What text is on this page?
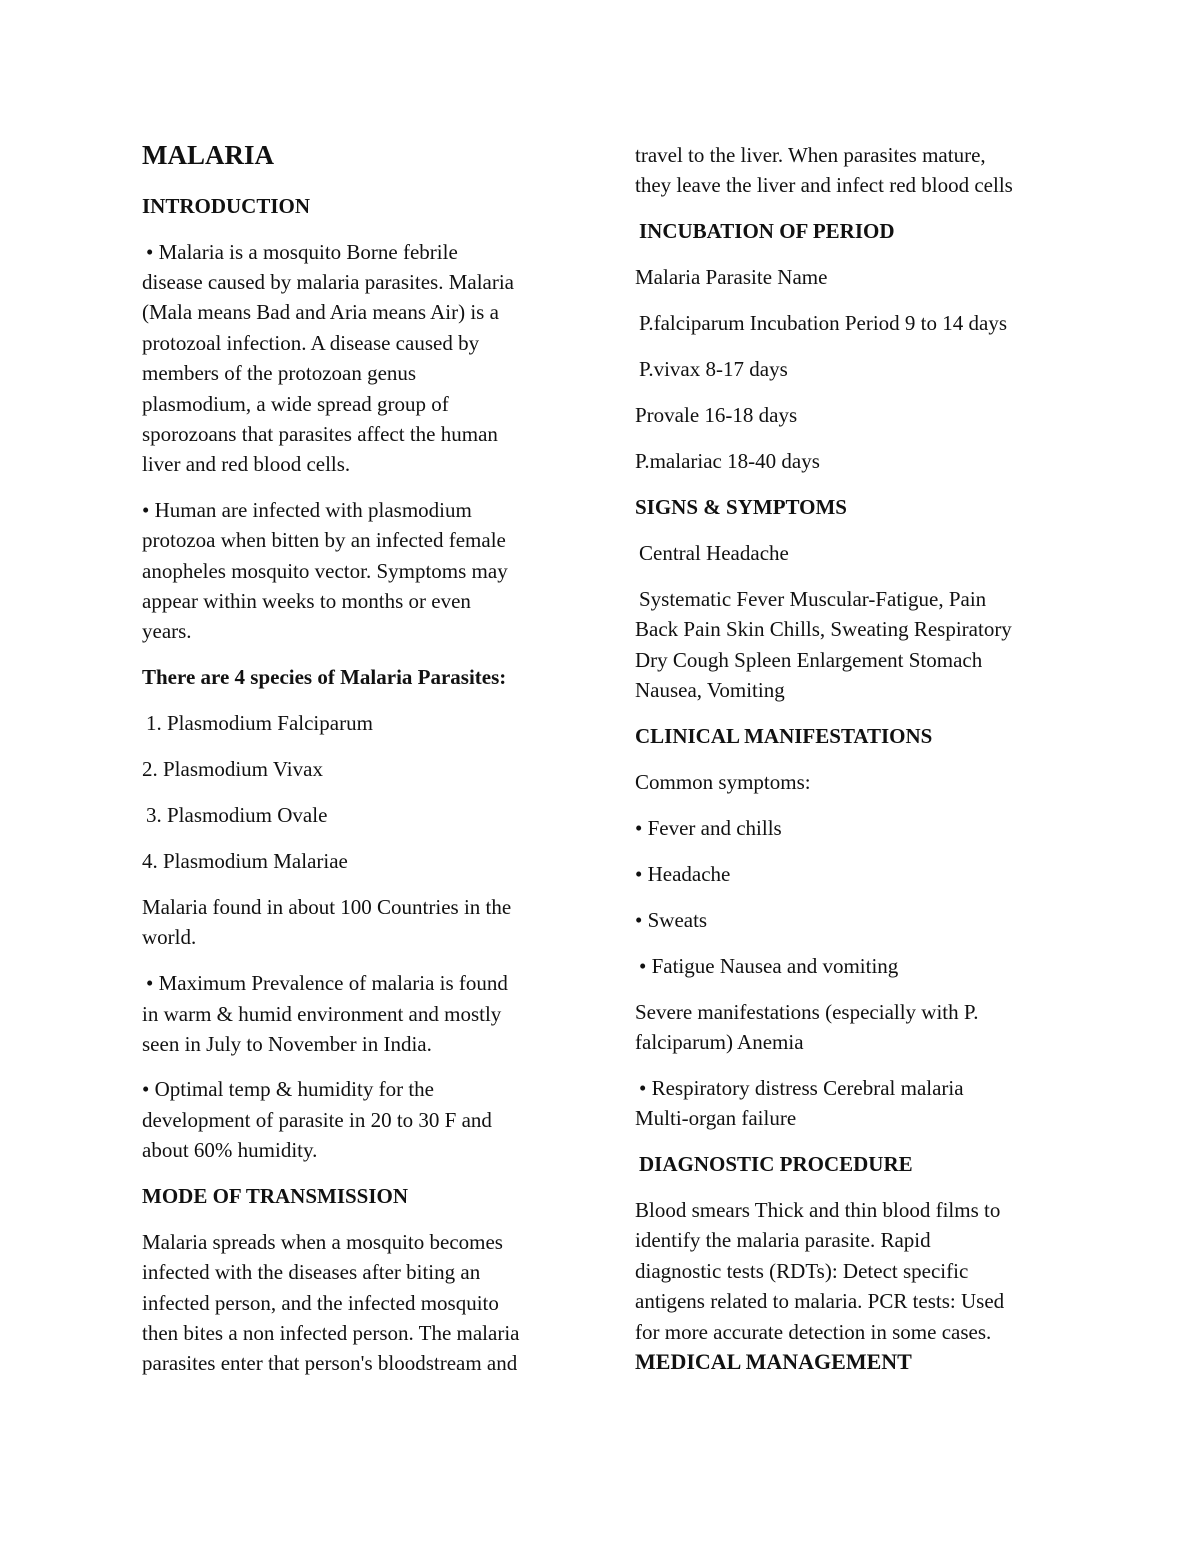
MALARIA
INTRODUCTION
• Malaria is a mosquito Borne febrile
disease caused by malaria parasites. Malaria
(Mala means Bad and Aria means Air) is a
protozoal infection. A disease caused by
members of the protozoan genus
plasmodium, a wide spread group of
sporozoans that parasites affect the human
liver and red blood cells.
• Human are infected with plasmodium
protozoa when bitten by an infected female
anopheles mosquito vector. Symptoms may
appear within weeks to months or even
years.
There are 4 species of Malaria Parasites:
1. Plasmodium Falciparum
2. Plasmodium Vivax
3. Plasmodium Ovale
4. Plasmodium Malariae
Malaria found in about 100 Countries in the
world.
• Maximum Prevalence of malaria is found
in warm & humid environment and mostly
seen in July to November in India.
• Optimal temp & humidity for the
development of parasite in 20 to 30 F and
about 60% humidity.
MODE OF TRANSMISSION
Malaria spreads when a mosquito becomes
infected with the diseases after biting an
infected person, and the infected mosquito
then bites a non infected person. The malaria
parasites enter that person's bloodstream and
travel to the liver. When parasites mature,
they leave the liver and infect red blood cells
INCUBATION OF PERIOD
Malaria Parasite Name
P.falciparum Incubation Period 9 to 14 days
P.vivax 8-17 days
Provale 16-18 days
P.malariac 18-40 days
SIGNS & SYMPTOMS
Central Headache
Systematic Fever Muscular-Fatigue, Pain
Back Pain Skin Chills, Sweating Respiratory
Dry Cough Spleen Enlargement Stomach
Nausea, Vomiting
CLINICAL MANIFESTATIONS
Common symptoms:
• Fever and chills
• Headache
• Sweats
• Fatigue Nausea and vomiting
Severe manifestations (especially with P.
falciparum) Anemia
• Respiratory distress Cerebral malaria
Multi-organ failure
DIAGNOSTIC PROCEDURE
Blood smears Thick and thin blood films to
identify the malaria parasite. Rapid
diagnostic tests (RDTs): Detect specific
antigens related to malaria. PCR tests: Used
for more accurate detection in some cases.
MEDICAL MANAGEMENT
